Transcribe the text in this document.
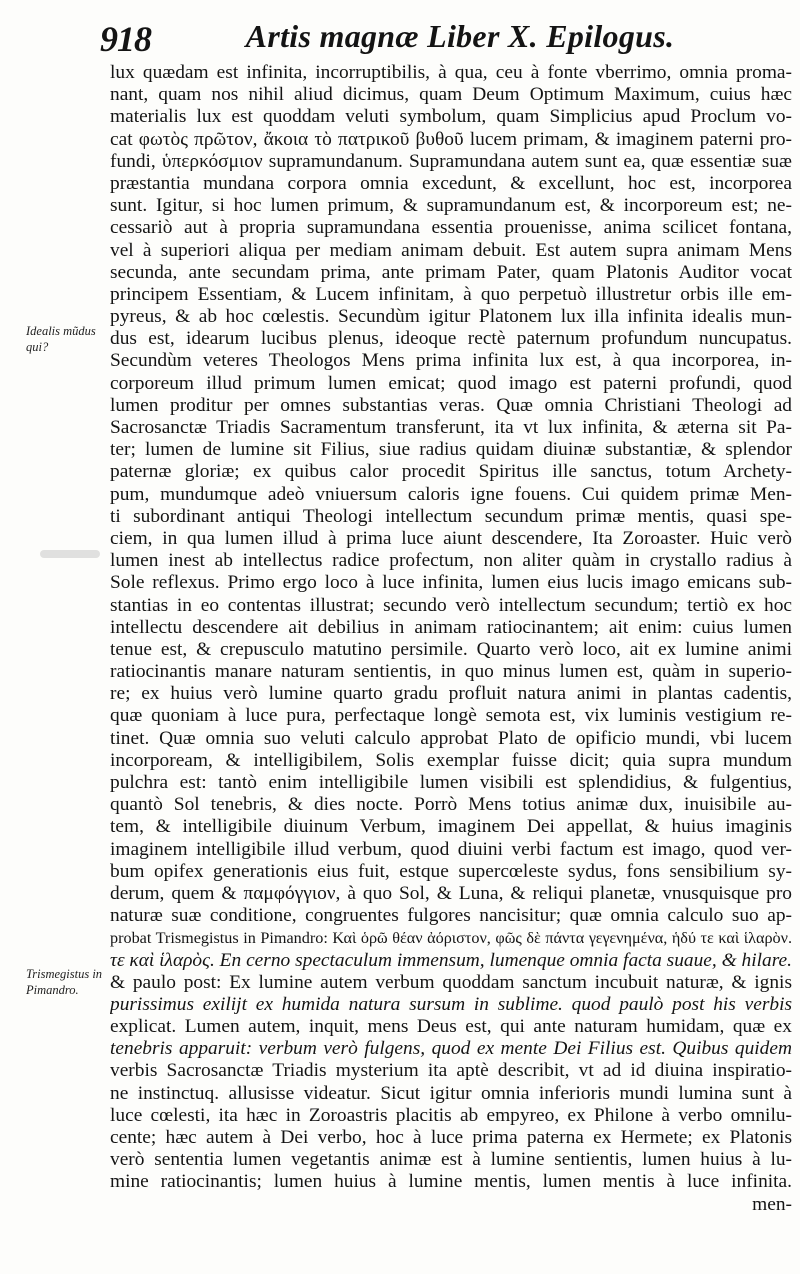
918	Artis magnæ Liber X. Epilogus.
Idealis mũdus qui?
Trismegistus in Pimandro.
lux quædam est infinita, incorruptibilis, à qua, ceu à fonte vberrimo, omnia proma-
nant, quam nos nihil aliud dicimus, quam Deum Optimum Maximum, cuius hæc
materialis lux est quoddam veluti symbolum, quam Simplicius apud Proclum vo-
cat φωτὸς πρῶτον, ἄκοια τὸ πατρικοῦ βυθοῦ lucem primam, & imaginem paterni pro-
fundi, ὑπερκόσμιον supramundanum. Supramundana autem sunt ea, quæ essentiæ suæ
præstantia mundana corpora omnia excedunt, & excellunt, hoc est, incorporea
sunt. Igitur, si hoc lumen primum, & supramundanum est, & incorporeum est; ne-
cessariò aut à propria supramundana essentia prouenisse, anima scilicet fontana,
vel à superiori aliqua per mediam animam debuit. Est autem supra animam Mens
secunda, ante secundam prima, ante primam Pater, quam Platonis Auditor vocat
principem Essentiam, & Lucem infinitam, à quo perpetuò illustretur orbis ille em-
pyreus, & ab hoc cœlestis. Secundùm igitur Platonem lux illa infinita idealis mun-
dus est, idearum lucibus plenus, ideoque rectè paternum profundum nuncupatus.
Secundùm veteres Theologos Mens prima infinita lux est, à qua incorporea, in-
corporeum illud primum lumen emicat; quod imago est paterni profundi, quod
lumen proditur per omnes substantias veras. Quæ omnia Christiani Theologi ad
Sacrosanctæ Triadis Sacramentum transferunt, ita vt lux infinita, & æterna sit Pa-
ter; lumen de lumine sit Filius, siue radius quidam diuinæ substantiæ, & splendor
paternæ gloriæ; ex quibus calor procedit Spiritus ille sanctus, totum Archety-
pum, mundumque adeò vniuersum caloris igne fouens. Cui quidem primæ Men-
ti subordinant antiqui Theologi intellectum secundum primæ mentis, quasi spe-
ciem, in qua lumen illud à prima luce aiunt descendere, Ita Zoroaster. Huic verò
lumen inest ab intellectus radice profectum, non aliter quàm in crystallo radius à
Sole reflexus. Primo ergo loco à luce infinita, lumen eius lucis imago emicans sub-
stantias in eo contentas illustrat; secundo verò intellectum secundum; tertiò ex hoc
intellectu descendere ait debilius in animam ratiocinantem; ait enim: cuius lumen
tenue est, & crepusculo matutino persimile. Quarto verò loco, ait ex lumine animi
ratiocinantis manare naturam sentientis, in quo minus lumen est, quàm in superio-
re; ex huius verò lumine quarto gradu profluit natura animi in plantas cadentis,
quæ quoniam à luce pura, perfectaque longè semota est, vix luminis vestigium re-
tinet. Quæ omnia suo veluti calculo approbat Plato de opificio mundi, vbi lucem
incorpoream, & intelligibilem, Solis exemplar fuisse dicit; quia supra mundum
pulchra est: tantò enim intelligibile lumen visibili est splendidius, & fulgentius,
quantò Sol tenebris, & dies nocte. Porrò Mens totius animæ dux, inuisibile au-
tem, & intelligibile diuinum Verbum, imaginem Dei appellat, & huius imaginis
imaginem intelligibile illud verbum, quod diuini verbi factum est imago, quod ver-
bum opifex generationis eius fuit, estque supercœleste sydus, fons sensibilium sy-
derum, quem & παμφόγγιον, à quo Sol, & Luna, & reliqui planetæ, vnusquisque pro
naturæ suæ conditione, congruentes fulgores nancisitur; quæ omnia calculo suo ap-
probat Trismegistus in Pimandro: Καὶ ὁρῶ θέαν ἀόριστον, φῶς δὲ πάντα γεγενημένα, ἡδύ τε καὶ ἱλαρὸν.
τε καὶ ἱλαρὸς. En cerno spectaculum immensum, lumenque omnia facta suaue, & hilare.
& paulo post: Ex lumine autem verbum quoddam sanctum incubuit naturæ, & ignis
purissimus exilijt ex humida natura sursum in sublime. quod paulò post his verbis
explicat. Lumen autem, inquit, mens Deus est, qui ante naturam humidam, quæ ex
tenebris apparuit: verbum verò fulgens, quod ex mente Dei Filius est. Quibus quidem
verbis Sacrosanctæ Triadis mysterium ita aptè describit, vt ad id diuina inspiratio-
ne instinctuq. allusisse videatur. Sicut igitur omnia inferioris mundi lumina sunt à
luce cœlesti, ita hæc in Zoroastris placitis ab empyreo, ex Philone à verbo omnilu-
cente; hæc autem à Dei verbo, hoc à luce prima paterna ex Hermete; ex Platonis
verò sententia lumen vegetantis animæ est à lumine sentientis, lumen huius à lu-
mine ratiocinantis; lumen huius à lumine mentis, lumen mentis à luce infinita.
men-
